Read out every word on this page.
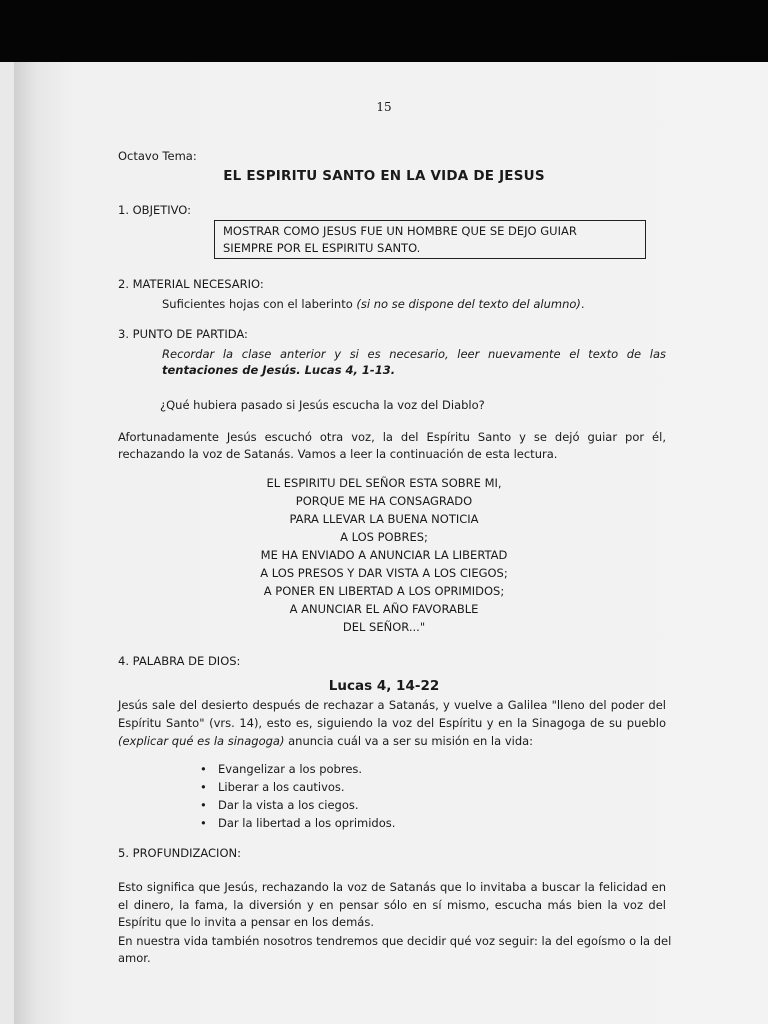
15
Octavo Tema:
EL ESPIRITU SANTO EN LA VIDA DE JESUS
1. OBJETIVO:
MOSTRAR COMO JESUS FUE UN HOMBRE QUE SE DEJO GUIAR
SIEMPRE POR EL ESPIRITU SANTO.
2. MATERIAL NECESARIO:
Suficientes hojas con el laberinto (si no se dispone del texto del alumno).
3. PUNTO DE PARTIDA:
Recordar la clase anterior y si es necesario, leer nuevamente el texto de las
tentaciones de Jesús. Lucas 4, 1-13.
¿Qué hubiera pasado si Jesús escucha la voz del Diablo?
Afortunadamente Jesús escuchó otra voz, la del Espíritu Santo y se dejó guiar por él,
rechazando la voz de Satanás. Vamos a leer la continuación de esta lectura.
EL ESPIRITU DEL SEÑOR ESTA SOBRE MI,
PORQUE ME HA CONSAGRADO
PARA LLEVAR LA BUENA NOTICIA
A LOS POBRES;
ME HA ENVIADO A ANUNCIAR LA LIBERTAD
A LOS PRESOS Y DAR VISTA A LOS CIEGOS;
A PONER EN LIBERTAD A LOS OPRIMIDOS;
A ANUNCIAR EL AÑO FAVORABLE
DEL SEÑOR..."
4. PALABRA DE DIOS:
Lucas 4, 14-22
Jesús sale del desierto después de rechazar a Satanás, y vuelve a Galilea "lleno del poder del
Espíritu Santo" (vrs. 14), esto es, siguiendo la voz del Espíritu y en la Sinagoga de su pueblo
(explicar qué es la sinagoga) anuncia cuál va a ser su misión en la vida:
• Evangelizar a los pobres.
• Liberar a los cautivos.
• Dar la vista a los ciegos.
• Dar la libertad a los oprimidos.
5. PROFUNDIZACION:
Esto significa que Jesús, rechazando la voz de Satanás que lo invitaba a buscar la felicidad en
el dinero, la fama, la diversión y en pensar sólo en sí mismo, escucha más bien la voz del
Espíritu que lo invita a pensar en los demás.
En nuestra vida también nosotros tendremos que decidir qué voz seguir: la del egoísmo o la del
amor.
